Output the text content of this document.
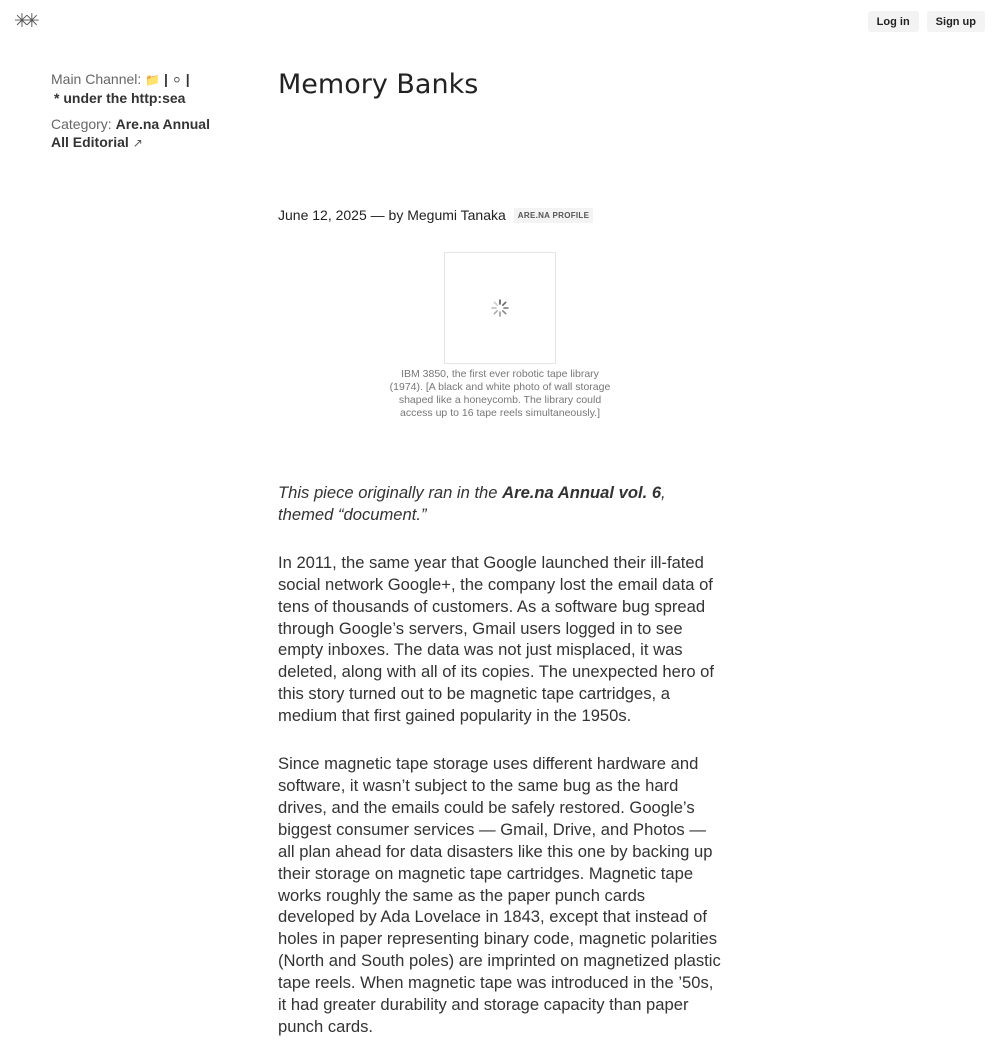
✳✳	Log in	Sign up
Main Channel: 📁 | ⚪ |
* under the http:sea
Category: Are.na Annual
All Editorial ↗
Memory Banks
June 12, 2025
— by
Megumi Tanaka	ARE.NA PROFILE
IBM 3850, the first ever robotic tape library (1974). [A black and white photo of wall storage shaped like a honeycomb. The library could access up to 16 tape reels simultaneously.]

This piece originally ran in the Are.na Annual vol. 6, themed “document.”

In 2011, the same year that Google launched their ill-fated social network Google+, the company lost the email data of tens of thousands of customers. As a software bug spread through Google’s servers, Gmail users logged in to see empty inboxes. The data was not just misplaced, it was deleted, along with all of its copies. The unexpected hero of this story turned out to be magnetic tape cartridges, a medium that first gained popularity in the 1950s.

Since magnetic tape storage uses different hardware and software, it wasn’t subject to the same bug as the hard drives, and the emails could be safely restored. Google’s biggest consumer services — Gmail, Drive, and Photos — all plan ahead for data disasters like this one by backing up their storage on magnetic tape cartridges. Magnetic tape works roughly the same as the paper punch cards developed by Ada Lovelace in 1843, except that instead of holes in paper representing binary code, magnetic polarities (North and South poles) are imprinted on magnetized plastic tape reels. When magnetic tape was introduced in the ’50s, it had greater durability and storage capacity than paper punch cards.
